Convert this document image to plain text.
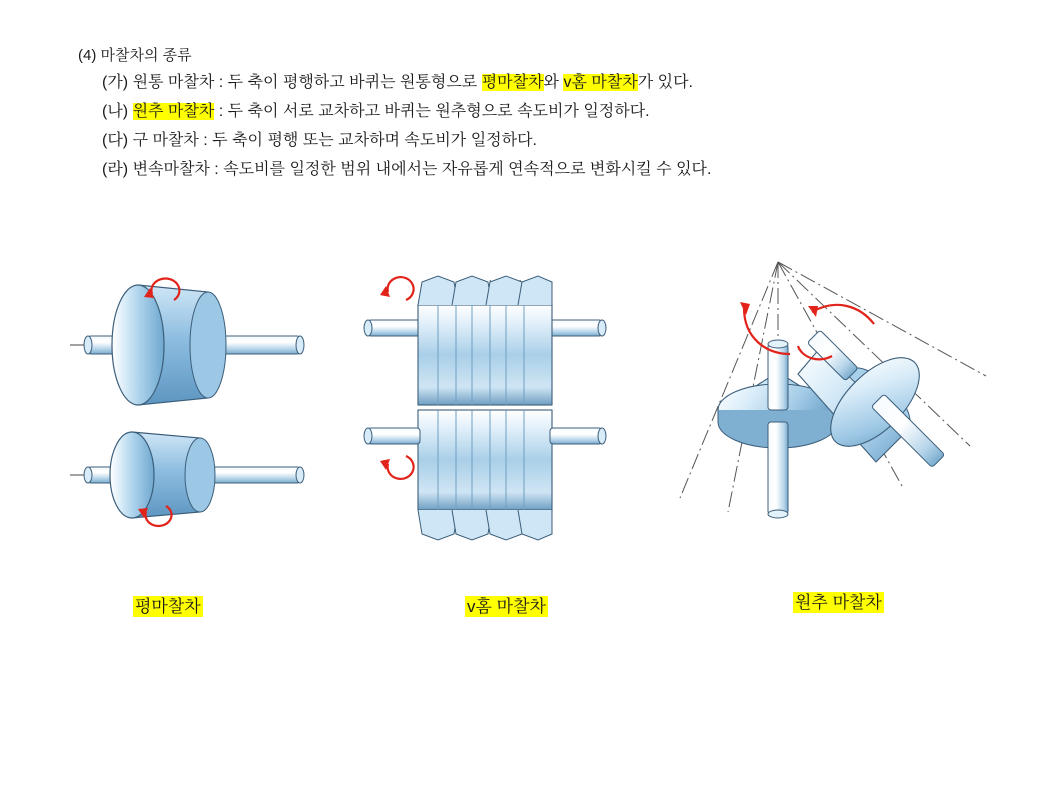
(4) 마찰차의 종류
(가) 원통 마찰차 : 두 축이 평행하고 바퀴는 원통형으로 평마찰차와 v홈 마찰차가 있다.
(나) 원추 마찰차 : 두 축이 서로 교차하고 바퀴는 원추형으로 속도비가 일정하다.
(다) 구 마찰차 : 두 축이 평행 또는 교차하며 속도비가 일정하다.
(라) 변속마찰차 : 속도비를 일정한 범위 내에서는 자유롭게 연속적으로 변화시킬 수 있다.
평마찰차	v홈 마찰차	원추 마찰차
